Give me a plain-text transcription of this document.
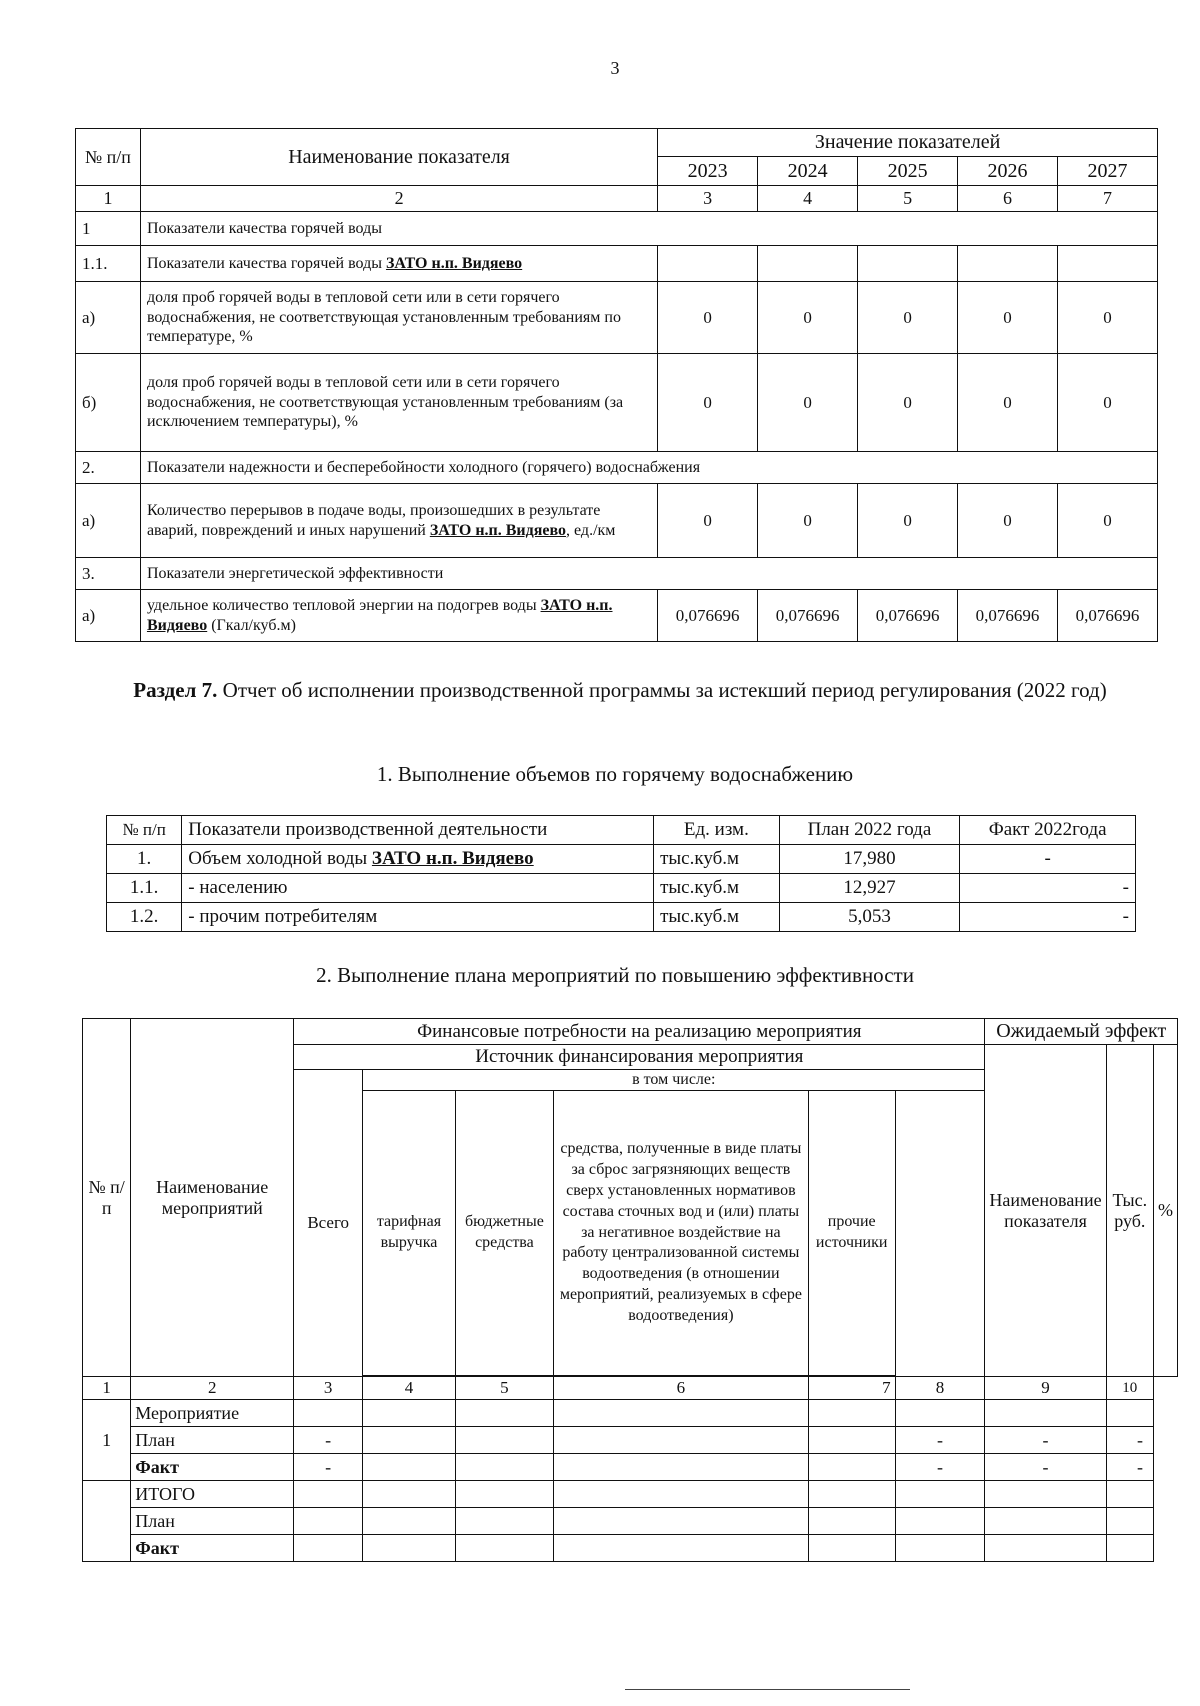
3
№ п/п	Наименование показателя	Значение показателей				
		2023	2024	2025	2026	2027
1	2	3	4	5	6	7
1	Показатели качества горячей воды					
1.1.	Показатели качества горячей воды ЗАТО н.п. Видяево					
а)	доля проб горячей воды в тепловой сети или в сети горячего водоснабжения, не соответствующая установленным требованиям по температуре, %	0	0	0	0	0
б)	доля проб горячей воды в тепловой сети или в сети горячего водоснабжения, не соответствующая установленным требованиям (за исключением температуры), %	0	0	0	0	0
2.	Показатели надежности и бесперебойности холодного (горячего) водоснабжения					
а)	Количество перерывов в подаче воды, произошедших в результате аварий, повреждений и иных нарушений ЗАТО н.п. Видяево, ед./км	0	0	0	0	0
3.	Показатели энергетической эффективности					
а)	удельное количество тепловой энергии на подогрев воды ЗАТО н.п. Видяево (Гкал/куб.м)	0,076696	0,076696	0,076696	0,076696	0,076696
Раздел 7. Отчет об исполнении производственной программы за истекший период регулирования (2022 год)
1. Выполнение объемов по горячему водоснабжению
№ п/п	Показатели производственной деятельности	Ед. изм.	План 2022 года	Факт 2022года
1.	Объем холодной воды ЗАТО н.п. Видяево	тыс.куб.м	17,980	-
1.1.	- населению	тыс.куб.м	12,927	-
1.2.	- прочим потребителям	тыс.куб.м	5,053	-
2. Выполнение плана мероприятий по повышению эффективности
№ п/п	Наименование мероприятий	Финансовые потребности на реализацию мероприятия						Ожидаемый эффект		
		Источник финансирования мероприятия						Наименование показателя	Тыс. руб.	%
		Всего	в том числе:							
			тарифная выручка	бюджетные средства	средства, полученные в виде платы за сброс загрязняющих веществ сверх установленных нормативов состава сточных вод и (или) платы за негативное воздействие на работу централизованной системы водоотведения (в отношении мероприятий, реализуемых в сфере водоотведения)	прочие источники				

1	2	3	4	5	6	7	8	9	10	
1	Мероприятие									
	План	-					-	-	-	
	Факт	-					-	-	-	
	ИТОГО									
	План									
	Факт									
